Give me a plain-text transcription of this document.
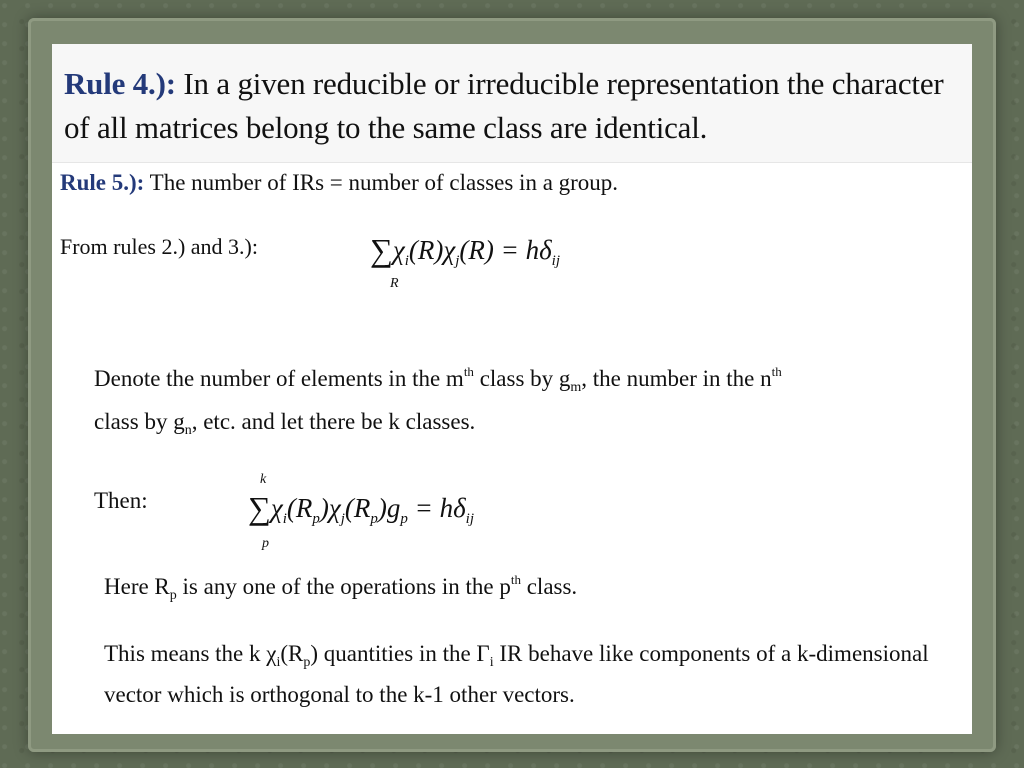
Rule 4.): In a given reducible or irreducible representation the character of all matrices belong to the same class are identical.
Rule 5.): The number of IRs = number of classes in a group.
From rules 2.) and 3.):	$\sum\chi_i(R)\chi_j(R) = h\delta_{ij}$
R
Denote the number of elements in the $m^{th}$ class by $g_m$, the number in the $n^{th}$
class by $g_n$, etc. and let there be k classes.
Then:
k
$\sum\chi_i(R_p)\chi_j(R_p)g_p = h\delta_{ij}$
p
Here $R_p$ is any one of the operations in the $p^{th}$ class.
This means the k $\chi_i(R_p)$ quantities in the $\Gamma_i$ IR behave like components of a k-dimensional vector which is orthogonal to the k-1 other vectors.
